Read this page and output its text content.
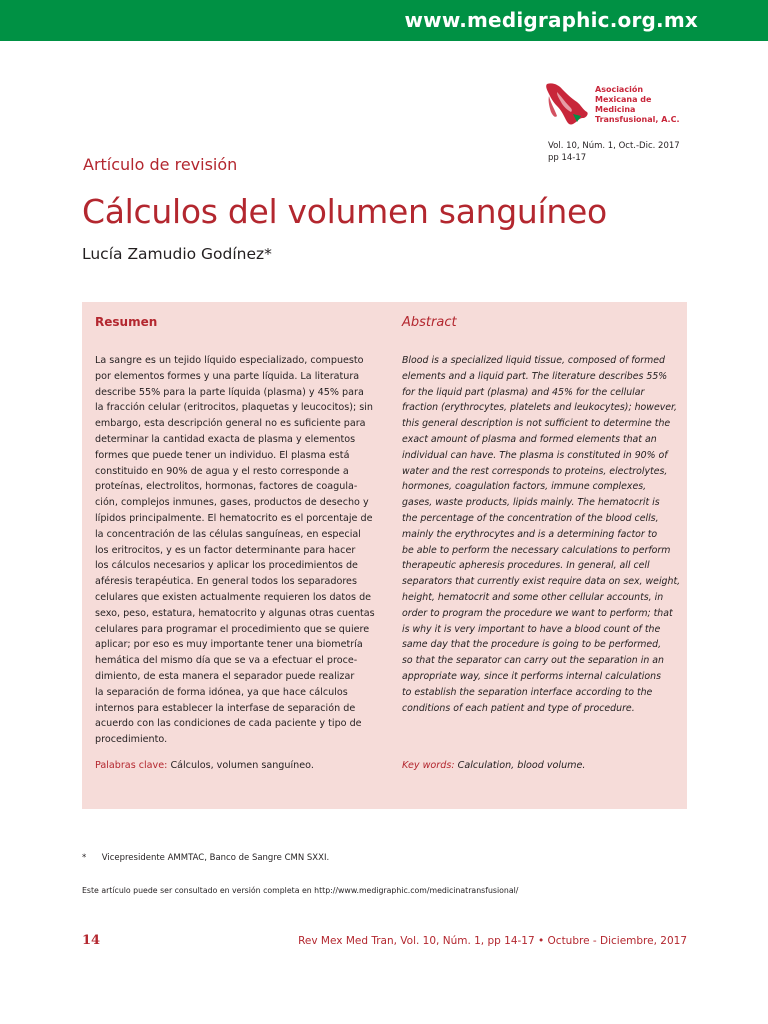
www.medigraphic.org.mx
Asociación
Mexicana de
Medicina
Transfusional, A.C.
Vol. 10, Núm. 1, Oct.-Dic. 2017
pp 14-17
Artículo de revisión
Cálculos del volumen sanguíneo
Lucía Zamudio Godínez*
Resumen
La sangre es un tejido líquido especializado, compuesto
por elementos formes y una parte líquida. La literatura
describe 55% para la parte líquida (plasma) y 45% para
la fracción celular (eritrocitos, plaquetas y leucocitos); sin
embargo, esta descripción general no es suficiente para
determinar la cantidad exacta de plasma y elementos
formes que puede tener un individuo. El plasma está
constituido en 90% de agua y el resto corresponde a
proteínas, electrolitos, hormonas, factores de coagula-
ción, complejos inmunes, gases, productos de desecho y
lípidos principalmente. El hematocrito es el porcentaje de
la concentración de las células sanguíneas, en especial
los eritrocitos, y es un factor determinante para hacer
los cálculos necesarios y aplicar los procedimientos de
aféresis terapéutica. En general todos los separadores
celulares que existen actualmente requieren los datos de
sexo, peso, estatura, hematocrito y algunas otras cuentas
celulares para programar el procedimiento que se quiere
aplicar; por eso es muy importante tener una biometría
hemática del mismo día que se va a efectuar el proce-
dimiento, de esta manera el separador puede realizar
la separación de forma idónea, ya que hace cálculos
internos para establecer la interfase de separación de
acuerdo con las condiciones de cada paciente y tipo de
procedimiento.
Palabras clave: Cálculos, volumen sanguíneo.
Abstract
Blood is a specialized liquid tissue, composed of formed
elements and a liquid part. The literature describes 55%
for the liquid part (plasma) and 45% for the cellular
fraction (erythrocytes, platelets and leukocytes); however,
this general description is not sufficient to determine the
exact amount of plasma and formed elements that an
individual can have. The plasma is constituted in 90% of
water and the rest corresponds to proteins, electrolytes,
hormones, coagulation factors, immune complexes,
gases, waste products, lipids mainly. The hematocrit is
the percentage of the concentration of the blood cells,
mainly the erythrocytes and is a determining factor to
be able to perform the necessary calculations to perform
therapeutic apheresis procedures. In general, all cell
separators that currently exist require data on sex, weight,
height, hematocrit and some other cellular accounts, in
order to program the procedure we want to perform; that
is why it is very important to have a blood count of the
same day that the procedure is going to be performed,
so that the separator can carry out the separation in an
appropriate way, since it performs internal calculations
to establish the separation interface according to the
conditions of each patient and type of procedure.
Key words: Calculation, blood volume.
* Vicepresidente AMMTAC, Banco de Sangre CMN SXXI.
Este artículo puede ser consultado en versión completa en http://www.medigraphic.com/medicinatransfusional/
14	Rev Mex Med Tran, Vol. 10, Núm. 1, pp 14-17 • Octubre - Diciembre, 2017
